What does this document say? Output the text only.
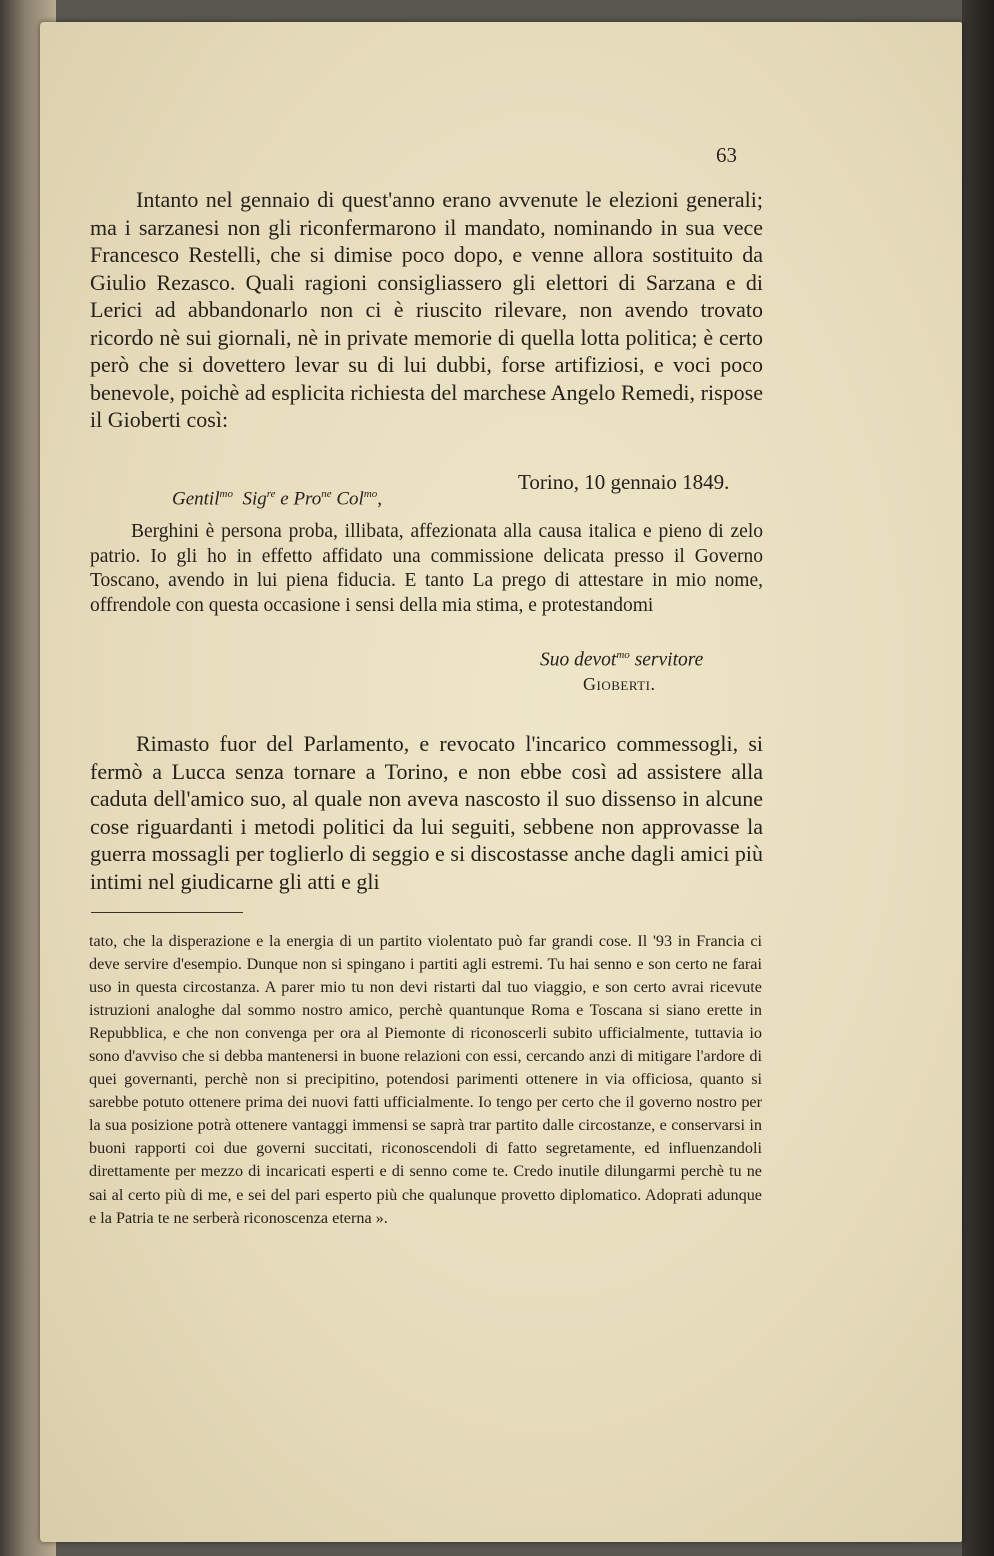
63

Intanto nel gennaio di quest'anno erano avvenute le elezioni generali; ma i sarzanesi non gli riconfermarono il mandato, nominando in sua vece Francesco Restelli, che si dimise poco dopo, e venne allora sostituito da Giulio Rezasco. Quali ragioni consigliassero gli elettori di Sarzana e di Lerici ad abbandonarlo non ci è riuscito rilevare, non avendo trovato ricordo nè sui giornali, nè in private memorie di quella lotta politica; è certo però che si dovettero levar su di lui dubbi, forse artifiziosi, e voci poco benevole, poichè ad esplicita richiesta del marchese Angelo Remedi, rispose il Gioberti così:

Torino, 10 gennaio 1849.

Gentil$^{mo}$ Sig$^{re}$ e Pro$^{ne}$ Col$^{mo}$,

Berghini è persona proba, illibata, affezionata alla causa italica e pieno di zelo patrio. Io gli ho in effetto affidato una commissione delicata presso il Governo Toscano, avendo in lui piena fiducia. E tanto La prego di attestare in mio nome, offrendole con questa occasione i sensi della mia stima, e protestandomi

Suo devot$^{mo}$ servitore

Gioberti.

Rimasto fuor del Parlamento, e revocato l'incarico commessogli, si fermò a Lucca senza tornare a Torino, e non ebbe così ad assistere alla caduta dell'amico suo, al quale non aveva nascosto il suo dissenso in alcune cose riguardanti i metodi politici da lui seguiti, sebbene non approvasse la guerra mossagli per toglierlo di seggio e si discostasse anche dagli amici più intimi nel giudicarne gli atti e gli

tato, che la disperazione e la energia di un partito violentato può far grandi cose. Il '93 in Francia ci deve servire d'esempio. Dunque non si spingano i partiti agli estremi. Tu hai senno e son certo ne farai uso in questa circostanza. A parer mio tu non devi ristarti dal tuo viaggio, e son certo avrai ricevute istruzioni analoghe dal sommo nostro amico, perchè quantunque Roma e Toscana si siano erette in Repubblica, e che non convenga per ora al Piemonte di riconoscerli subito ufficialmente, tuttavia io sono d'avviso che si debba mantenersi in buone relazioni con essi, cercando anzi di mitigare l'ardore di quei governanti, perchè non si precipitino, potendosi parimenti ottenere in via officiosa, quanto si sarebbe potuto ottenere prima dei nuovi fatti ufficialmente. Io tengo per certo che il governo nostro per la sua posizione potrà ottenere vantaggi immensi se saprà trar partito dalle circostanze, e conservarsi in buoni rapporti coi due governi succitati, riconoscendoli di fatto segretamente, ed influenzandoli direttamente per mezzo di incaricati esperti e di senno come te. Credo inutile dilungarmi perchè tu ne sai al certo più di me, e sei del pari esperto più che qualunque provetto diplomatico. Adoprati adunque e la Patria te ne serberà riconoscenza eterna ».
